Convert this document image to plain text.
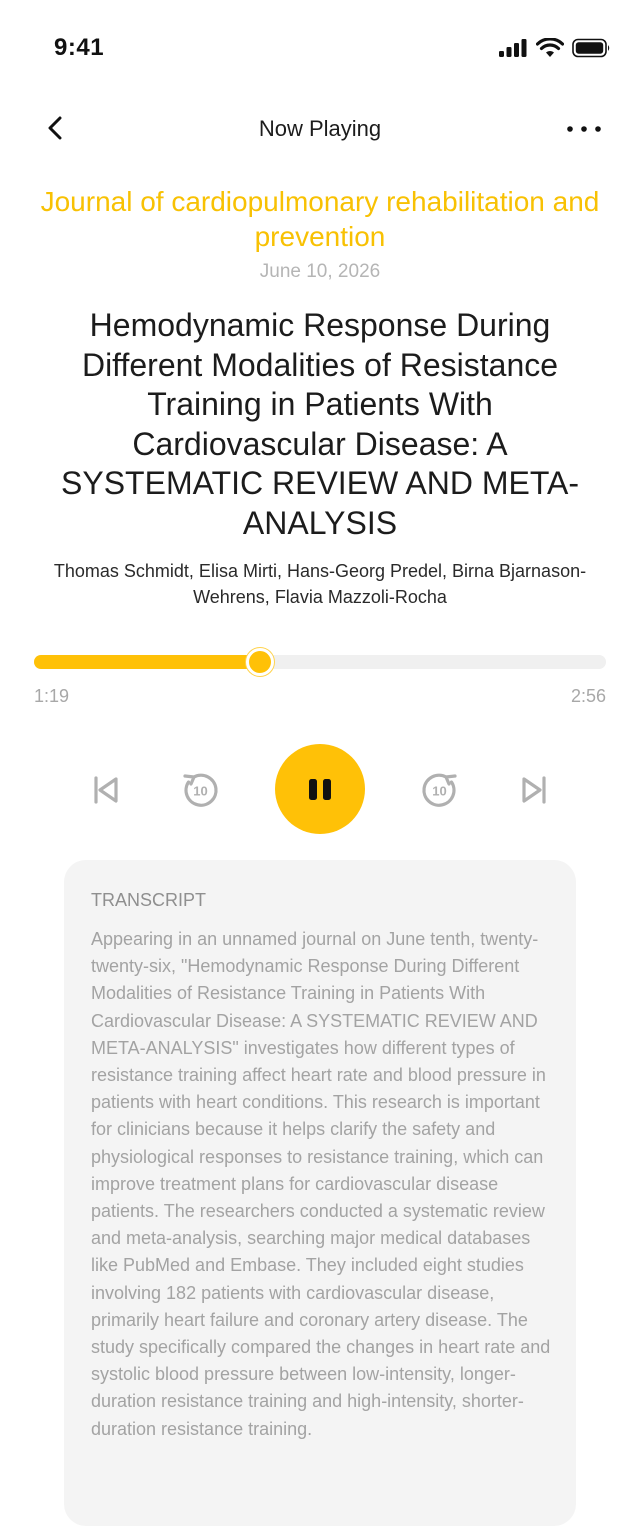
9:41
Now Playing
Journal of cardiopulmonary rehabilitation and prevention
June 10, 2026
Hemodynamic Response During Different Modalities of Resistance Training in Patients With Cardiovascular Disease: A SYSTEMATIC REVIEW AND META-ANALYSIS
Thomas Schmidt, Elisa Mirti, Hans-Georg Predel, Birna Bjarnason-Wehrens, Flavia Mazzoli-Rocha
1:19	2:56
10	10
TRANSCRIPT
Appearing in an unnamed journal on June tenth, twenty-twenty-six, "Hemodynamic Response During Different Modalities of Resistance Training in Patients With Cardiovascular Disease: A SYSTEMATIC REVIEW AND META-ANALYSIS" investigates how different types of resistance training affect heart rate and blood pressure in patients with heart conditions. This research is important for clinicians because it helps clarify the safety and physiological responses to resistance training, which can improve treatment plans for cardiovascular disease patients. The researchers conducted a systematic review and meta-analysis, searching major medical databases like PubMed and Embase. They included eight studies involving 182 patients with cardiovascular disease, primarily heart failure and coronary artery disease. The study specifically compared the changes in heart rate and systolic blood pressure between low-intensity, longer-duration resistance training and high-intensity, shorter-duration resistance training.
